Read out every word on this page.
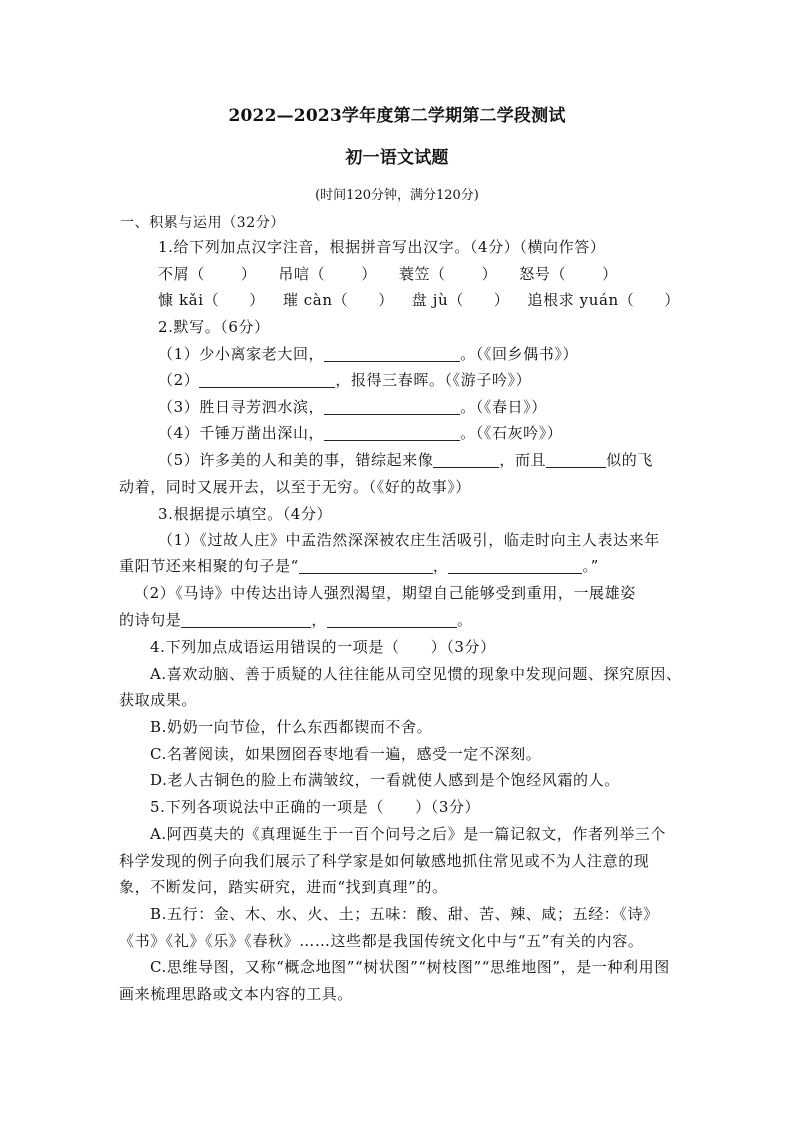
2022—2023学年度第二学期第二学段测试
初一语文试题
(时间120分钟，满分120分)
一、积累与运用（32分）
1.给下列加点汉字注音，根据拼音写出汉字。（4分）（横向作答）
不屑（ ） 吊唁（ ） 蓑笠（ ） 怒号（ ）
慷 kǎi（ ） 璀 càn（ ） 盘 jù（ ） 追根求 yuán（ ）
2.默写。（6分）
（1）少小离家老大回，	。（《回乡偶书》）
（2）	，报得三春晖。（《游子吟》）
（3）胜日寻芳泗水滨，	。（《春日》）
（4）千锤万凿出深山，	。（《石灰吟》）
（5）许多美的人和美的事，错综起来像	，而且	似的飞
动着，同时又展开去，以至于无穷。（《好的故事》）
3.根据提示填空。（4分）
（1）《过故人庄》中孟浩然深深被农庄生活吸引，临走时向主人表达来年
重阳节还来相聚的句子是“	，	。”
（2）《马诗》中传达出诗人强烈渴望，期望自己能够受到重用，一展雄姿
的诗句是	，	。
4.下列加点成语运用错误的一项是（　　）（3分）
A.喜欢动脑、善于质疑的人往往能从司空见惯的现象中发现问题、探究原因、
获取成果。
B.奶奶一向节俭，什么东西都锲而不舍。
C.名著阅读，如果囫囵吞枣地看一遍，感受一定不深刻。
D.老人古铜色的脸上布满皱纹，一看就使人感到是个饱经风霜的人。
5.下列各项说法中正确的一项是（　　）（3分）
A.阿西莫夫的《真理诞生于一百个问号之后》是一篇记叙文，作者列举三个
科学发现的例子向我们展示了科学家是如何敏感地抓住常见或不为人注意的现
象，不断发问，踏实研究，进而“找到真理”的。
B.五行：金、木、水、火、土；五味：酸、甜、苦、辣、咸；五经：《诗》
《书》《礼》《乐》《春秋》……这些都是我国传统文化中与“五”有关的内容。
C.思维导图，又称“概念地图”“树状图”“树枝图”“思维地图”，是一种利用图
画来梳理思路或文本内容的工具。
